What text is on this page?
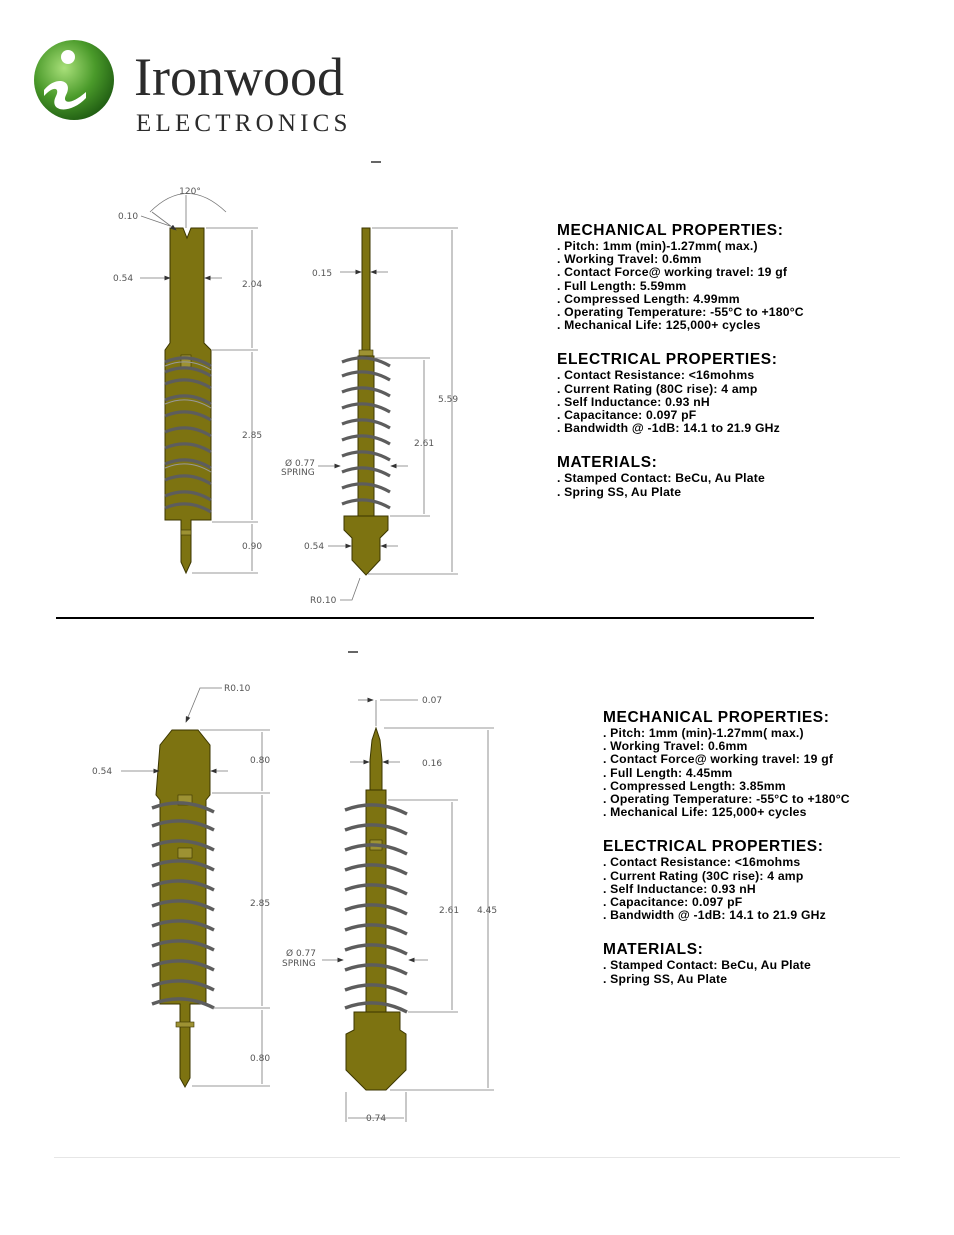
Ironwood
ELECTRONICS
120°
0.10
0.54
2.04
2.85
0.90
0.15
Ø 0.77
SPRING
2.61
5.59
0.54
R0.10
R0.10
0.54
0.80
2.85
0.80
0.07
0.16
Ø 0.77
SPRING
2.61 4.45
0.74
MECHANICAL PROPERTIES:
. Pitch: 1mm (min)-1.27mm( max.)
. Working Travel: 0.6mm
. Contact Force@ working travel: 19 gf
. Full Length: 5.59mm
. Compressed Length: 4.99mm
. Operating Temperature: -55°C to +180°C
. Mechanical Life: 125,000+ cycles
ELECTRICAL PROPERTIES:
. Contact Resistance: <16mohms
. Current Rating (80C rise): 4 amp
. Self Inductance: 0.93 nH
. Capacitance: 0.097 pF
. Bandwidth @ -1dB: 14.1 to 21.9 GHz
MATERIALS:
. Stamped Contact: BeCu, Au Plate
. Spring SS, Au Plate
MECHANICAL PROPERTIES:
. Pitch: 1mm (min)-1.27mm( max.)
. Working Travel: 0.6mm
. Contact Force@ working travel: 19 gf
. Full Length: 4.45mm
. Compressed Length: 3.85mm
. Operating Temperature: -55°C to +180°C
. Mechanical Life: 125,000+ cycles
ELECTRICAL PROPERTIES:
. Contact Resistance: <16mohms
. Current Rating (30C rise): 4 amp
. Self Inductance: 0.93 nH
. Capacitance: 0.097 pF
. Bandwidth @ -1dB: 14.1 to 21.9 GHz
MATERIALS:
. Stamped Contact: BeCu, Au Plate
. Spring SS, Au Plate
